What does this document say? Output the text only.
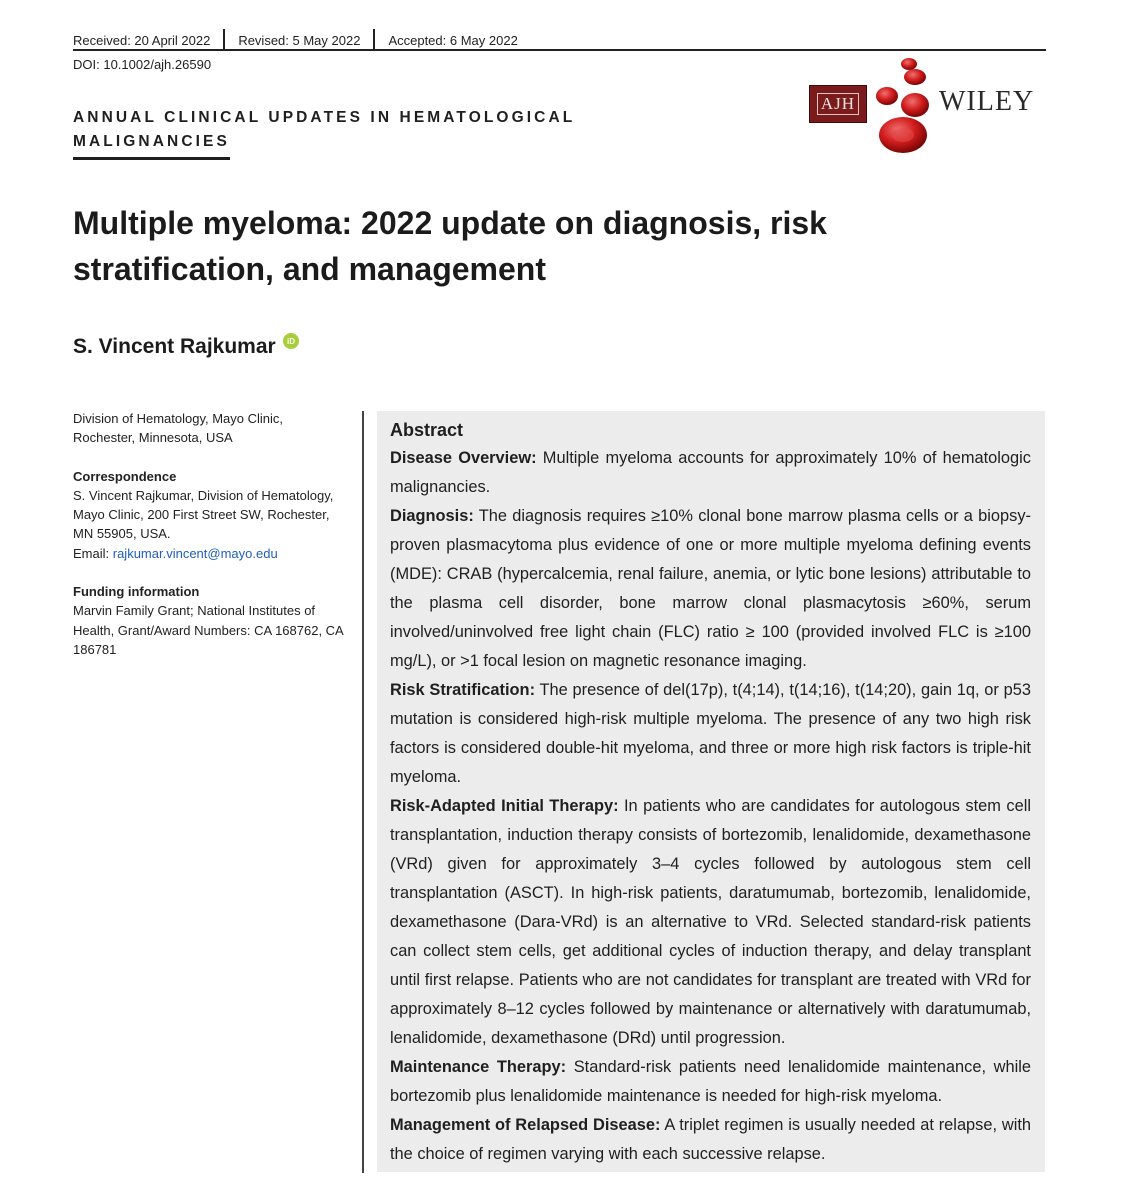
Received: 20 April 2022 Revised: 5 May 2022 Accepted: 6 May 2022
DOI: 10.1002/ajh.26590
ANNUAL CLINICAL UPDATES IN HEMATOLOGICAL
MALIGNANCIES
AJH	WILEY
Multiple myeloma: 2022 update on diagnosis, risk stratification, and management
S. Vincent Rajkumar iD

Division of Hematology, Mayo Clinic,

Rochester, Minnesota, USA

Correspondence

S. Vincent Rajkumar, Division of Hematology, Mayo Clinic, 200 First Street SW, Rochester, MN 55905, USA.

Email: rajkumar.vincent@mayo.edu

Funding information

Marvin Family Grant; National Institutes of Health, Grant/Award Numbers: CA 168762, CA 186781

Abstract

Disease Overview: Multiple myeloma accounts for approximately 10% of hematologic malignancies.

Diagnosis: The diagnosis requires ≥10% clonal bone marrow plasma cells or a biopsy-proven plasmacytoma plus evidence of one or more multiple myeloma defining events (MDE): CRAB (hypercalcemia, renal failure, anemia, or lytic bone lesions) attributable to the plasma cell disorder, bone marrow clonal plasmacytosis ≥60%, serum involved/uninvolved free light chain (FLC) ratio ≥ 100 (provided involved FLC is ≥100 mg/L), or >1 focal lesion on magnetic resonance imaging.

Risk Stratification: The presence of del(17p), t(4;14), t(14;16), t(14;20), gain 1q, or p53 mutation is considered high-risk multiple myeloma. The presence of any two high risk factors is considered double-hit myeloma, and three or more high risk factors is triple-hit myeloma.

Risk-Adapted Initial Therapy: In patients who are candidates for autologous stem cell transplantation, induction therapy consists of bortezomib, lenalidomide, dexamethasone (VRd) given for approximately 3–4 cycles followed by autologous stem cell transplantation (ASCT). In high-risk patients, daratumumab, bortezomib, lenalidomide, dexamethasone (Dara-VRd) is an alternative to VRd. Selected standard-risk patients can collect stem cells, get additional cycles of induction therapy, and delay transplant until first relapse. Patients who are not candidates for transplant are treated with VRd for approximately 8–12 cycles followed by maintenance or alternatively with daratumumab, lenalidomide, dexamethasone (DRd) until progression.

Maintenance Therapy: Standard-risk patients need lenalidomide maintenance, while bortezomib plus lenalidomide maintenance is needed for high-risk myeloma.

Management of Relapsed Disease: A triplet regimen is usually needed at relapse, with the choice of regimen varying with each successive relapse.
